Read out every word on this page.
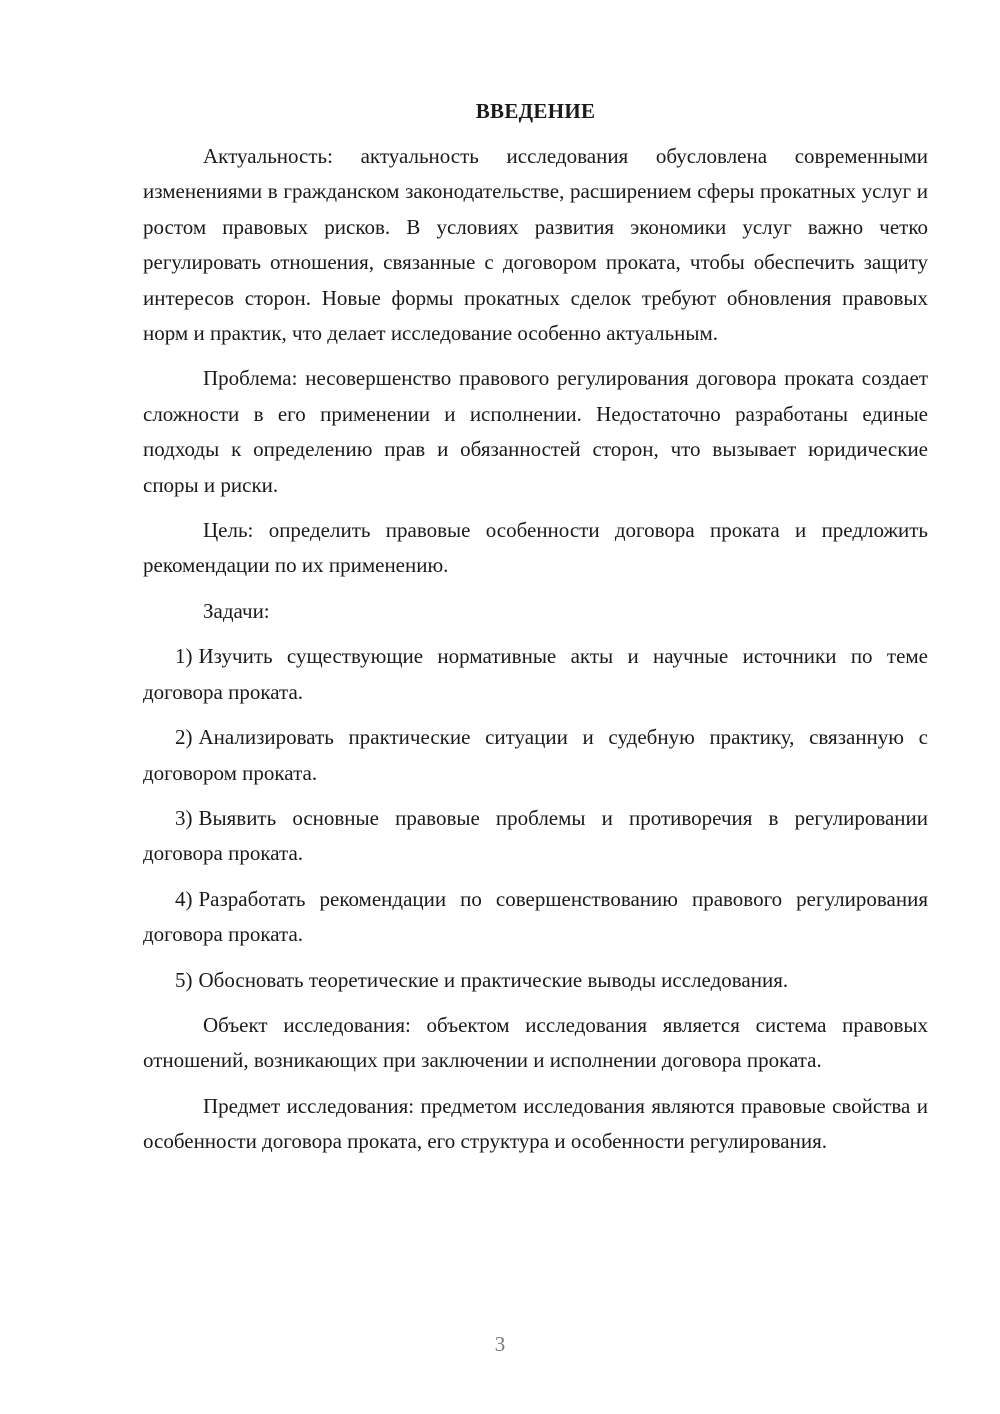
ВВЕДЕНИЕ

Актуальность: актуальность исследования обусловлена современными изменениями в гражданском законодательстве, расширением сферы прокатных услуг и ростом правовых рисков. В условиях развития экономики услуг важно четко регулировать отношения, связанные с договором проката, чтобы обеспечить защиту интересов сторон. Новые формы прокатных сделок требуют обновления правовых норм и практик, что делает исследование особенно актуальным.

Проблема: несовершенство правового регулирования договора проката создает сложности в его применении и исполнении. Недостаточно разработаны единые подходы к определению прав и обязанностей сторон, что вызывает юридические споры и риски.

Цель: определить правовые особенности договора проката и предложить рекомендации по их применению.

Задачи:

1) Изучить существующие нормативные акты и научные источники по теме договора проката.

2) Анализировать практические ситуации и судебную практику, связанную с договором проката.

3) Выявить основные правовые проблемы и противоречия в регулировании договора проката.

4) Разработать рекомендации по совершенствованию правового регулирования договора проката.

5) Обосновать теоретические и практические выводы исследования.

Объект исследования: объектом исследования является система правовых отношений, возникающих при заключении и исполнении договора проката.

Предмет исследования: предметом исследования являются правовые свойства и особенности договора проката, его структура и особенности регулирования.

3
